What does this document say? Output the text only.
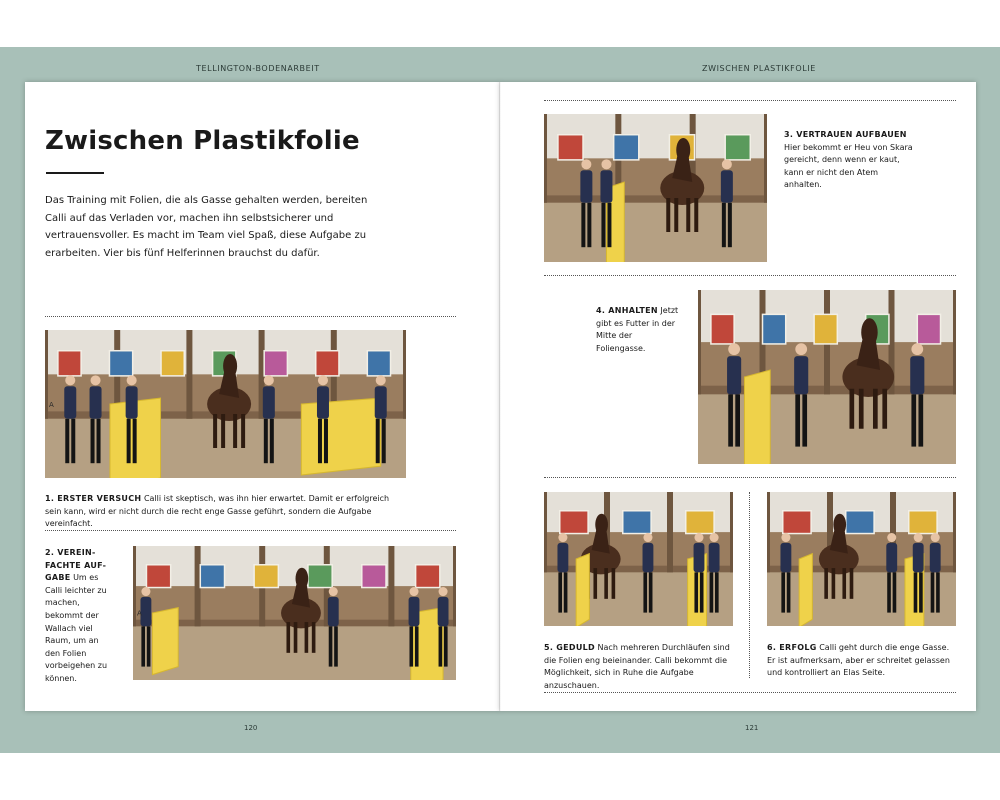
TELLINGTON-BODENARBEIT	ZWISCHEN PLASTIKFOLIE
Zwischen Plastikfolie

Das Training mit Folien, die als Gasse gehalten werden, bereiten Calli auf das Verladen vor, machen ihn selbstsicherer und vertrauensvoller. Es macht im Team viel Spaß, diese Aufgabe zu erarbeiten. Vier bis fünf Helferinnen brauchst du dafür.

A
A

1. ERSTER VERSUCH Calli ist skeptisch, was ihn hier erwartet. Damit er erfolgreich sein kann, wird er nicht durch die recht enge Gasse geführt, sondern die Aufgabe vereinfacht.

2. VEREIN-FACHTE AUF-GABE Um es Calli leichter zu machen, bekommt der Wallach viel Raum, um an den Folien vorbeigehen zu können.

3. VERTRAUEN AUFBAUEN
Hier bekommt er Heu von Skara gereicht, denn wenn er kaut, kann er nicht den Atem anhalten.

4. ANHALTEN Jetzt gibt es Futter in der Mitte der Foliengasse.

5. GEDULD Nach mehreren Durchläufen sind die Folien eng beieinander. Calli bekommt die Möglichkeit, sich in Ruhe die Aufgabe anzuschauen.

6. ERFOLG Calli geht durch die enge Gasse. Er ist aufmerksam, aber er schreitet gelassen und kontrolliert an Elas Seite.

120	121
